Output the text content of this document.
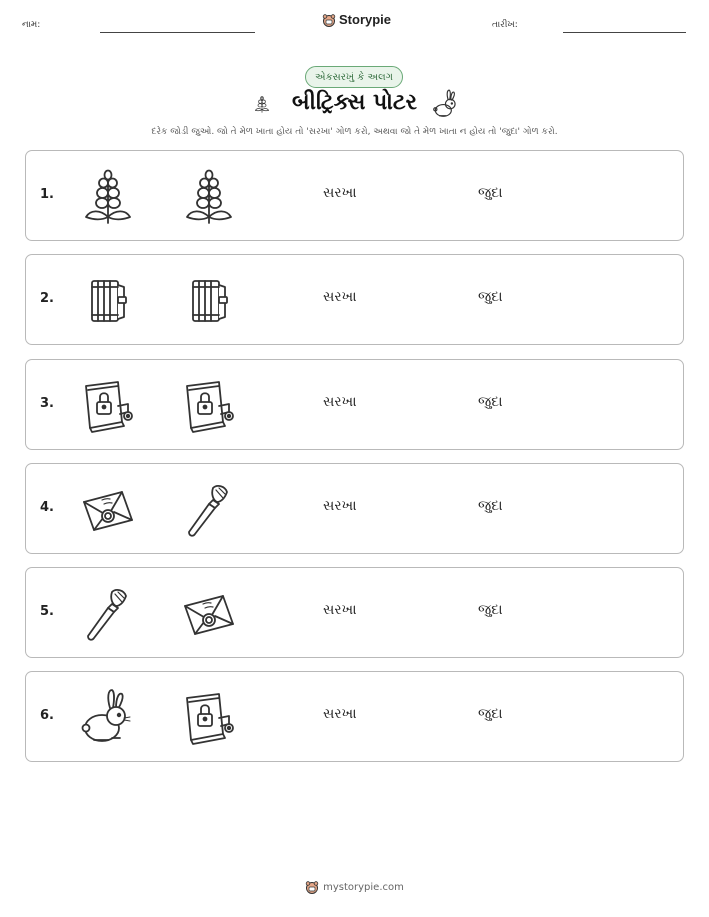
નામ:	Storypie	તારીખ:
એકસરખું કે અલગ
બીટ્રિક્સ પોટર
દરેક જોડી જુઓ. જો તે મેળ ખાતા હોય તો 'સરખા' ગોળ કરો, અથવા જો તે મેળ ખાતા ન હોય તો 'જુદા' ગોળ કરો.
1.	સરખા	જુદા
2.	સરખા	જુદા
3.	સરખા	જુદા
4.	સરખા	જુદા
5.	સરખા	જુદા
6.	સરખા	જુદા
mystorypie.com
